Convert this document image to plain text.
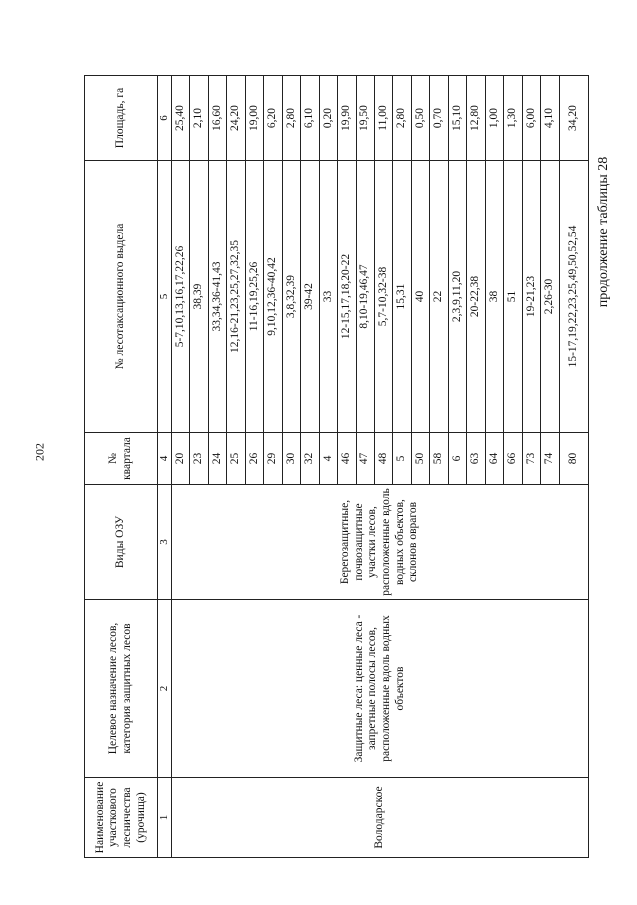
202
продолжение таблицы 28
Наименование участкового лесничества (урочища)	Целевое назначение лесов, категория защитных лесов	Виды ОЗУ	№ квартала	№ лесотаксационного выдела	Площадь, га
1	2	3	4	5	6
Володарское	Защитные леса: ценные леса - запретные полосы лесов, расположенные вдоль водных объектов	Берегозащитные, почвозащитные участки лесов, расположенные вдоль водных объектов, склонов оврагов	20	5-7,10,13,16,17,22,26	25,40
			23	38,39	2,10
			24	33,34,36-41,43	16,60
			25	12,16-21,23,25,27,32,35	24,20
			26	11-16,19,25,26	19,00
			29	9,10,12,36-40,42	6,20
			30	3,8,32,39	2,80
			32	39-42	6,10
			4	33	0,20
			46	12-15,17,18,20-22	19,90
			47	8,10-19,46,47	19,50
			48	5,7-10,32-38	11,00
			5	15,31	2,80
			50	40	0,50
			58	22	0,70
			6	2,3,9,11,20	15,10
			63	20-22,38	12,80
			64	38	1,00
			66	51	1,30
			73	19-21,23	6,00
			74	2,26-30	4,10
			80	15-17,19,22,23,25,49,50,52,54	34,20
